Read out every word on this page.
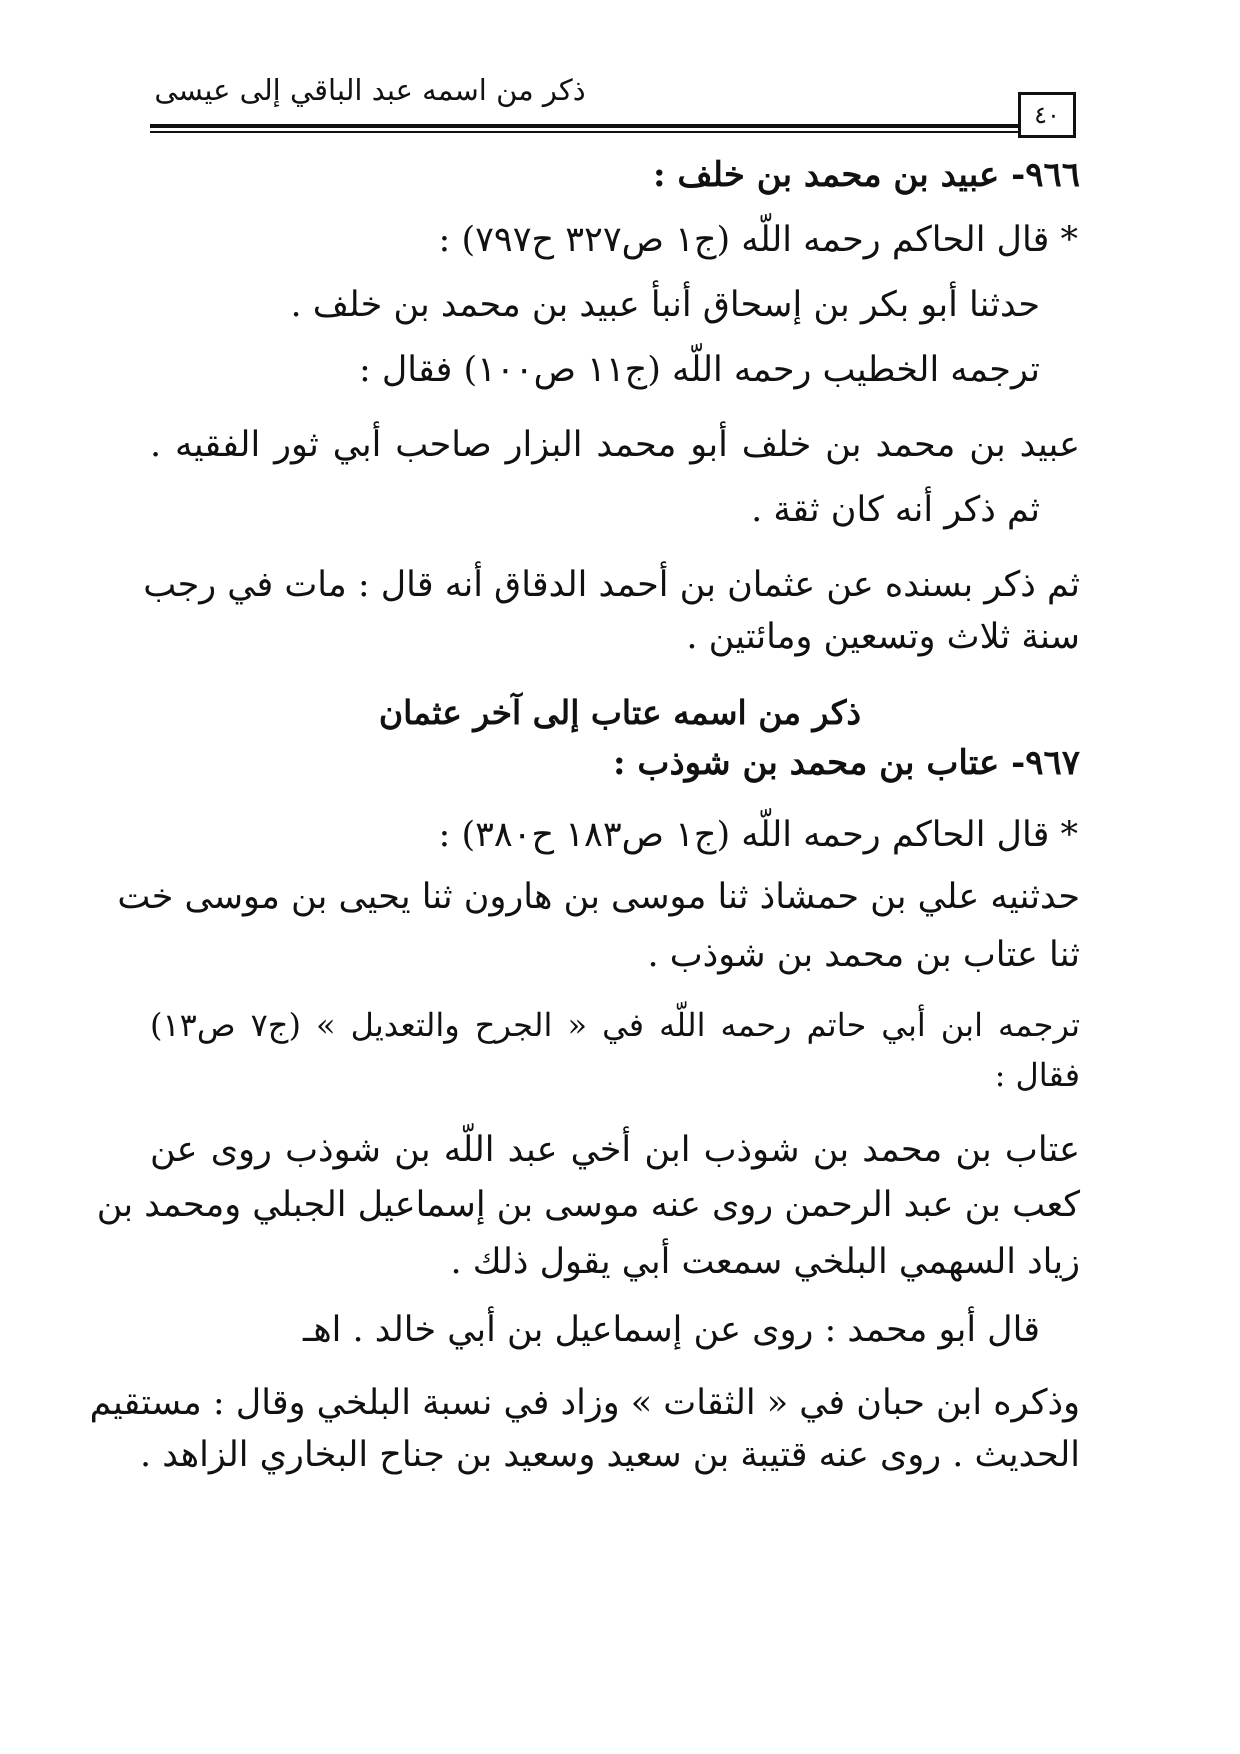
ذكر من اسمه عبد الباقي إلى عيسى
٤٠
٩٦٦- عبيد بن محمد بن خلف :
* قال الحاكم رحمه اللّه (ج١ ص٣٢٧ ح٧٩٧) :
حدثنا أبو بكر بن إسحاق أنبأ عبيد بن محمد بن خلف .
ترجمه الخطيب رحمه اللّه (ج١١ ص١٠٠) فقال :
عبيد بن محمد بن خلف أبو محمد البزار صاحب أبي ثور الفقيه .
ثم ذكر أنه كان ثقة .
ثم ذكر بسنده عن عثمان بن أحمد الدقاق أنه قال : مات في رجب
سنة ثلاث وتسعين ومائتين .
ذكر من اسمه عتاب إلى آخر عثمان
٩٦٧- عتاب بن محمد بن شوذب :
* قال الحاكم رحمه اللّه (ج١ ص١٨٣ ح٣٨٠) :
حدثنيه علي بن حمشاذ ثنا موسى بن هارون ثنا يحيى بن موسى خت
ثنا عتاب بن محمد بن شوذب .
ترجمه ابن أبي حاتم رحمه اللّه في « الجرح والتعديل » (ج٧ ص١٣)
فقال :
عتاب بن محمد بن شوذب ابن أخي عبد اللّه بن شوذب روى عن
كعب بن عبد الرحمن روى عنه موسى بن إسماعيل الجبلي ومحمد بن
زياد السهمي البلخي سمعت أبي يقول ذلك .
قال أبو محمد : روى عن إسماعيل بن أبي خالد . اهـ
وذكره ابن حبان في « الثقات » وزاد في نسبة البلخي وقال : مستقيم
الحديث . روى عنه قتيبة بن سعيد وسعيد بن جناح البخاري الزاهد .
